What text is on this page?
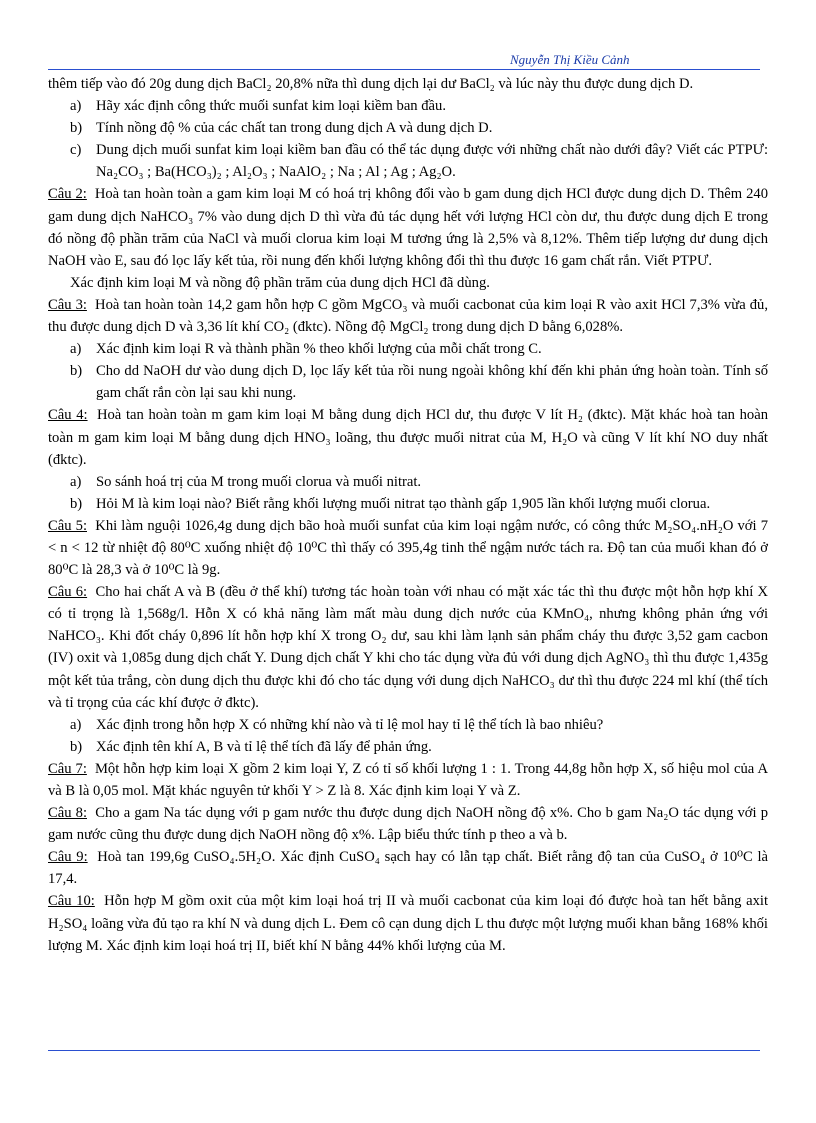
Nguyễn Thị Kiều Cảnh

thêm tiếp vào đó 20g dung dịch BaCl₂ 20,8% nữa thì dung dịch lại dư BaCl₂ và lúc này thu được dung dịch D.

a) Hãy xác định công thức muối sunfat kim loại kiềm ban đầu.
b) Tính nồng độ % của các chất tan trong dung dịch A và dung dịch D.
c) Dung dịch muối sunfat kim loại kiềm ban đầu có thể tác dụng được với những chất nào dưới đây? Viết các PTPƯ: Na₂CO₃ ; Ba(HCO₃)₂ ; Al₂O₃ ; NaAlO₂ ; Na ; Al ; Ag ; Ag₂O.

Câu 2: Hoà tan hoàn toàn a gam kim loại M có hoá trị không đổi vào b gam dung dịch HCl được dung dịch D. Thêm 240 gam dung dịch NaHCO₃ 7% vào dung dịch D thì vừa đủ tác dụng hết với lượng HCl còn dư, thu được dung dịch E trong đó nồng độ phần trăm của NaCl và muối clorua kim loại M tương ứng là 2,5% và 8,12%. Thêm tiếp lượng dư dung dịch NaOH vào E, sau đó lọc lấy kết tủa, rồi nung đến khối lượng không đổi thì thu được 16 gam chất rắn. Viết PTPƯ.

Xác định kim loại M và nồng độ phần trăm của dung dịch HCl đã dùng.

Câu 3: Hoà tan hoàn toàn 14,2 gam hỗn hợp C gồm MgCO₃ và muối cacbonat của kim loại R vào axit HCl 7,3% vừa đủ, thu được dung dịch D và 3,36 lít khí CO₂ (đktc). Nồng độ MgCl₂ trong dung dịch D bằng 6,028%.

a) Xác định kim loại R và thành phần % theo khối lượng của mỗi chất trong C.
b) Cho dd NaOH dư vào dung dịch D, lọc lấy kết tủa rồi nung ngoài không khí đến khi phản ứng hoàn toàn. Tính số gam chất rắn còn lại sau khi nung.

Câu 4: Hoà tan hoàn toàn m gam kim loại M bằng dung dịch HCl dư, thu được V lít H₂ (đktc). Mặt khác hoà tan hoàn toàn m gam kim loại M bằng dung dịch HNO₃ loãng, thu được muối nitrat của M, H₂O và cũng V lít khí NO duy nhất (đktc).

a) So sánh hoá trị của M trong muối clorua và muối nitrat.
b) Hỏi M là kim loại nào? Biết rằng khối lượng muối nitrat tạo thành gấp 1,905 lần khối lượng muối clorua.

Câu 5: Khi làm nguội 1026,4g dung dịch bão hoà muối sunfat của kim loại ngậm nước, có công thức M₂SO₄.nH₂O với 7 < n < 12 từ nhiệt độ 80⁰C xuống nhiệt độ 10⁰C thì thấy có 395,4g tinh thể ngậm nước tách ra. Độ tan của muối khan đó ở 80⁰C là 28,3 và ở 10⁰C là 9g.

Câu 6: Cho hai chất A và B (đều ở thể khí) tương tác hoàn toàn với nhau có mặt xác tác thì thu được một hỗn hợp khí X có tỉ trọng là 1,568g/l. Hỗn X có khả năng làm mất màu dung dịch nước của KMnO₄, nhưng không phản ứng với NaHCO₃. Khi đốt cháy 0,896 lít hỗn hợp khí X trong O₂ dư, sau khi làm lạnh sản phẩm cháy thu được 3,52 gam cacbon (IV) oxit và 1,085g dung dịch chất Y. Dung dịch chất Y khi cho tác dụng vừa đủ với dung dịch AgNO₃ thì thu được 1,435g một kết tủa trắng, còn dung dịch thu được khi đó cho tác dụng với dung dịch NaHCO₃ dư thì thu được 224 ml khí (thể tích và tỉ trọng của các khí được ở đktc).

a) Xác định trong hỗn hợp X có những khí nào và tỉ lệ mol hay tỉ lệ thể tích là bao nhiêu?
b) Xác định tên khí A, B và tỉ lệ thể tích đã lấy để phản ứng.

Câu 7: Một hỗn hợp kim loại X gồm 2 kim loại Y, Z có tỉ số khối lượng 1 : 1. Trong 44,8g hỗn hợp X, số hiệu mol của A và B là 0,05 mol. Mặt khác nguyên tử khối Y > Z là 8. Xác định kim loại Y và Z.

Câu 8: Cho a gam Na tác dụng với p gam nước thu được dung dịch NaOH nồng độ x%. Cho b gam Na₂O tác dụng với p gam nước cũng thu được dung dịch NaOH nồng độ x%. Lập biểu thức tính p theo a và b.

Câu 9: Hoà tan 199,6g CuSO₄.5H₂O. Xác định CuSO₄ sạch hay có lẫn tạp chất. Biết rằng độ tan của CuSO₄ ở 10⁰C là 17,4.

Câu 10: Hỗn hợp M gồm oxit của một kim loại hoá trị II và muối cacbonat của kim loại đó được hoà tan hết bằng axit H₂SO₄ loãng vừa đủ tạo ra khí N và dung dịch L. Đem cô cạn dung dịch L thu được một lượng muối khan bằng 168% khối lượng M. Xác định kim loại hoá trị II, biết khí N bằng 44% khối lượng của M.
